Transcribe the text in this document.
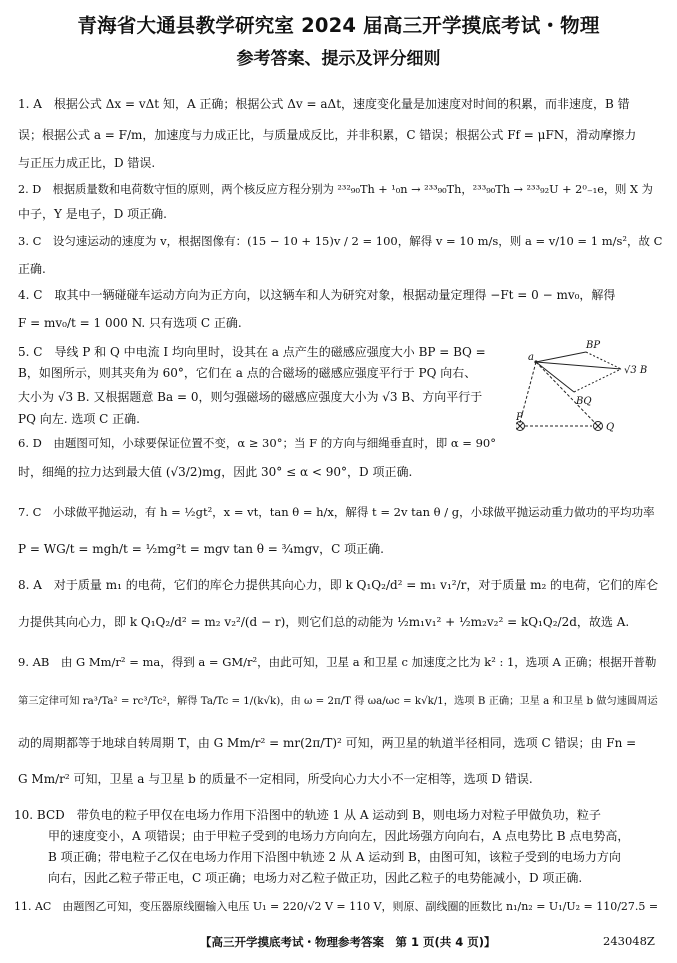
青海省大通县教学研究室 2024 届高三开学摸底考试・物理
参考答案、提示及评分细则
1. A　根据公式 Δx = vΔt 知，A 正确；根据公式 Δv = aΔt，速度变化量是加速度对时间的积累，而非速度，B 错
误；根据公式 a = F/m，加速度与力成正比，与质量成反比，并非积累，C 错误；根据公式 Ff = μFN，滑动摩擦力
与正压力成正比，D 错误.
2. D　根据质量数和电荷数守恒的原则，两个核反应方程分别为 ²³²₉₀Th + ¹₀n → ²³³₉₀Th，²³³₉₀Th → ²³³₉₂U + 2⁰₋₁e，则 X 为
中子，Y 是电子，D 项正确.
3. C　设匀速运动的速度为 v，根据图像有：(15 − 10 + 15)v / 2 = 100，解得 v = 10 m/s，则 a = v/10 = 1 m/s²，故 C
正确.
4. C　取其中一辆碰碰车运动方向为正方向，以这辆车和人为研究对象，根据动量定理得 −Ft = 0 − mv₀，解得
F = mv₀/t = 1 000 N. 只有选项 C 正确.
5. C　导线 P 和 Q 中电流 I 均向里时，设其在 a 点产生的磁感应强度大小 BP = BQ =
B，如图所示，则其夹角为 60°，它们在 a 点的合磁场的磁感应强度平行于 PQ 向右、
大小为 √3 B. 又根据题意 Ba = 0，则匀强磁场的磁感应强度大小为 √3 B、方向平行于
PQ 向左. 选项 C 正确.
6. D　由题图可知，小球要保证位置不变，α ≥ 30°；当 F 的方向与细绳垂直时，即 α = 90°
时，细绳的拉力达到最大值 (√3/2)mg，因此 30° ≤ α < 90°，D 项正确.
7. C　小球做平抛运动，有 h = ½gt²，x = vt，tan θ = h/x，解得 t = 2v tan θ / g，小球做平抛运动重力做功的平均功率
P = WG/t = mgh/t = ½mg²t = mgv tan θ = ¾mgv，C 项正确.
8. A　对于质量 m₁ 的电荷，它们的库仑力提供其向心力，即 k Q₁Q₂/d² = m₁ v₁²/r，对于质量 m₂ 的电荷，它们的库仑
力提供其向心力，即 k Q₁Q₂/d² = m₂ v₂²/(d − r)，则它们总的动能为 ½m₁v₁² + ½m₂v₂² = kQ₁Q₂/2d，故选 A.
9. AB　由 G Mm/r² = ma，得到 a = GM/r²，由此可知，卫星 a 和卫星 c 加速度之比为 k² : 1，选项 A 正确；根据开普勒
第三定律可知 ra³/Ta² = rc³/Tc²，解得 Ta/Tc = 1/(k√k)，由 ω = 2π/T 得 ωa/ωc = k√k/1，选项 B 正确；卫星 a 和卫星 b 做匀速圆周运
动的周期都等于地球自转周期 T，由 G Mm/r² = mr(2π/T)² 可知，两卫星的轨道半径相同，选项 C 错误；由 Fn =
G Mm/r² 可知，卫星 a 与卫星 b 的质量不一定相同，所受向心力大小不一定相等，选项 D 错误.
10. BCD　带负电的粒子甲仅在电场力作用下沿图中的轨迹 1 从 A 运动到 B，则电场力对粒子甲做负功，粒子
甲的速度变小，A 项错误；由于甲粒子受到的电场力方向向左，因此场强方向向右，A 点电势比 B 点电势高，
B 项正确；带电粒子乙仅在电场力作用下沿图中轨迹 2 从 A 运动到 B，由图可知，该粒子受到的电场力方向
向右，因此乙粒子带正电，C 项正确；电场力对乙粒子做正功，因此乙粒子的电势能减小，D 项正确.
11. AC　由题图乙可知，变压器原线圈输入电压 U₁ = 220/√2 V = 110 V，则原、副线圈的匝数比 n₁/n₂ = U₁/U₂ = 110/27.5 =
a
BP
BQ
√3 B
P
Q
【高三开学摸底考试・物理参考答案　第 1 页(共 4 页)】	243048Z
